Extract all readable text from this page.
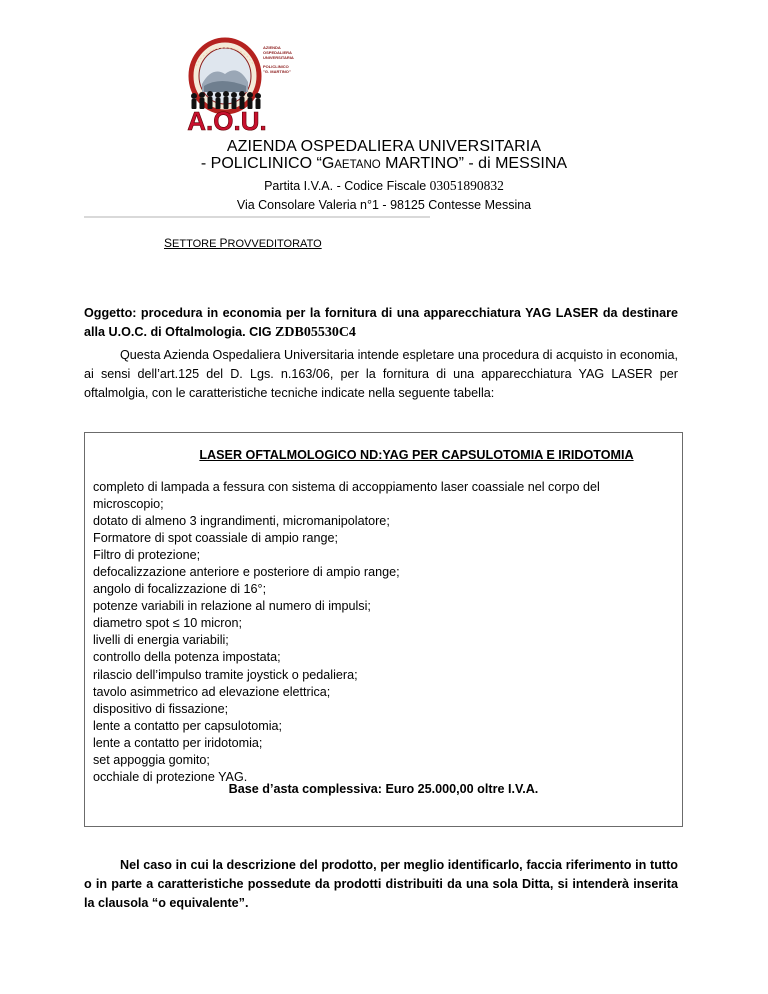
A.O.U.
AZIENDA
OSPEDALIERA
UNIVERSITARIA
POLICLINICO
"G. MARTINO"

AZIENDA OSPEDALIERA UNIVERSITARIA

- POLICLINICO “GAETANO MARTINO” - di MESSINA

Partita I.V.A. - Codice Fiscale 03051890832

Via Consolare Valeria n°1 - 98125 Contesse Messina

SETTORE PROVVEDITORATO

Oggetto: procedura in economia per la fornitura di una apparecchiatura YAG LASER da destinare alla U.O.C. di Oftalmologia. CIG ZDB05530C4

Questa Azienda Ospedaliera Universitaria intende espletare una procedura di acquisto in economia, ai sensi dell’art.125 del D. Lgs. n.163/06, per la fornitura di una apparecchiatura YAG LASER per oftalmolgia, con le caratteristiche tecniche indicate nella seguente tabella:

LASER OFTALMOLOGICO ND:YAG PER CAPSULOTOMIA E IRIDOTOMIA

completo di lampada a fessura con sistema di accoppiamento laser coassiale nel corpo del microscopio;
dotato di almeno 3 ingrandimenti, micromanipolatore;
Formatore di spot coassiale di ampio range;
Filtro di protezione;
defocalizzazione anteriore e posteriore di ampio range;
angolo di focalizzazione di 16°;
potenze variabili in relazione al numero di impulsi;
diametro spot ≤ 10 micron;
livelli di energia variabili;
controllo della potenza impostata;
rilascio dell’impulso tramite joystick o pedaliera;
tavolo asimmetrico ad elevazione elettrica;
dispositivo di fissazione;
lente a contatto per capsulotomia;
lente a contatto per iridotomia;
set appoggia gomito;
occhiale di protezione YAG.

Base d’asta complessiva: Euro 25.000,00 oltre I.V.A.

Nel caso in cui la descrizione del prodotto, per meglio identificarlo, faccia riferimento in tutto o in parte a caratteristiche possedute da prodotti distribuiti da una sola Ditta, si intenderà inserita la clausola “o equivalente”.
